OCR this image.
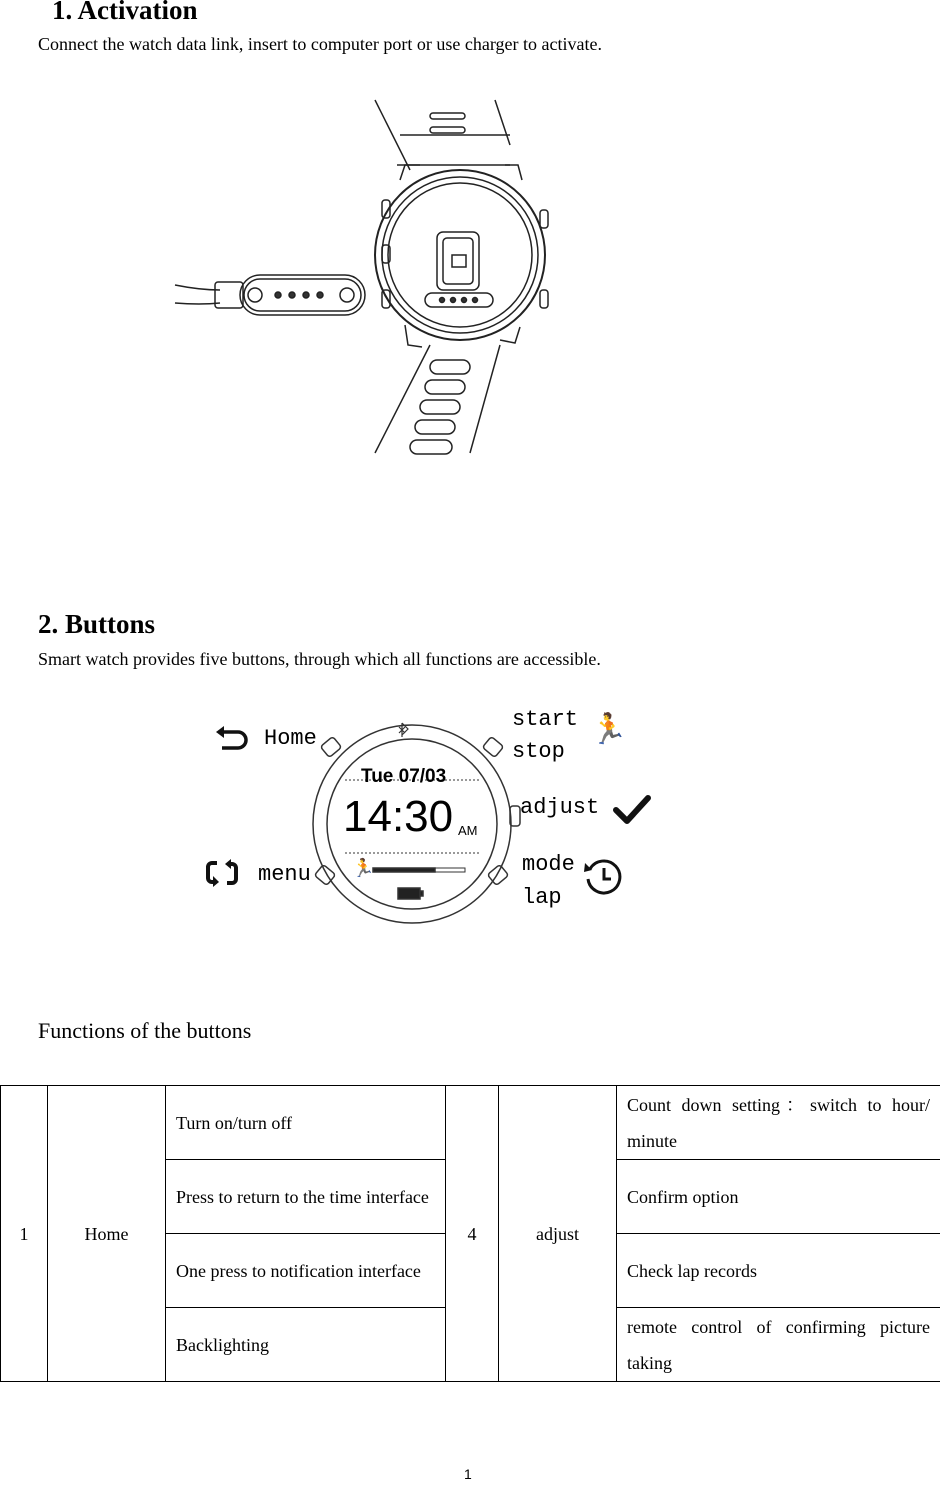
1. Activation
Connect the watch data link, insert to computer port or use charger to activate.
2. Buttons
Smart watch provides five buttons, through which all functions are accessible.
Tue 07/03
14:30 AM
🏃
Home
start
stop
🏃
adjust
menu	mode
lap
Functions of the buttons
1	Home	Turn on/turn off	4	adjust	Count down setting：switch to hour/ minute
		Press to return to the time interface			Confirm option
		One press to notification interface			Check lap records
		Backlighting			remote control of confirming picture taking
1
